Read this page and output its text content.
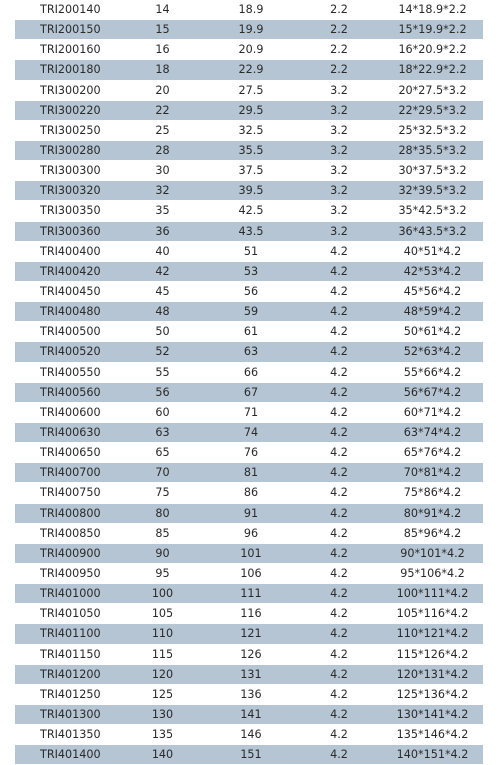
TRI200140	14	18.9	2.2	14*18.9*2.2
TRI200150	15	19.9	2.2	15*19.9*2.2
TRI200160	16	20.9	2.2	16*20.9*2.2
TRI200180	18	22.9	2.2	18*22.9*2.2
TRI300200	20	27.5	3.2	20*27.5*3.2
TRI300220	22	29.5	3.2	22*29.5*3.2
TRI300250	25	32.5	3.2	25*32.5*3.2
TRI300280	28	35.5	3.2	28*35.5*3.2
TRI300300	30	37.5	3.2	30*37.5*3.2
TRI300320	32	39.5	3.2	32*39.5*3.2
TRI300350	35	42.5	3.2	35*42.5*3.2
TRI300360	36	43.5	3.2	36*43.5*3.2
TRI400400	40	51	4.2	40*51*4.2
TRI400420	42	53	4.2	42*53*4.2
TRI400450	45	56	4.2	45*56*4.2
TRI400480	48	59	4.2	48*59*4.2
TRI400500	50	61	4.2	50*61*4.2
TRI400520	52	63	4.2	52*63*4.2
TRI400550	55	66	4.2	55*66*4.2
TRI400560	56	67	4.2	56*67*4.2
TRI400600	60	71	4.2	60*71*4.2
TRI400630	63	74	4.2	63*74*4.2
TRI400650	65	76	4.2	65*76*4.2
TRI400700	70	81	4.2	70*81*4.2
TRI400750	75	86	4.2	75*86*4.2
TRI400800	80	91	4.2	80*91*4.2
TRI400850	85	96	4.2	85*96*4.2
TRI400900	90	101	4.2	90*101*4.2
TRI400950	95	106	4.2	95*106*4.2
TRI401000	100	111	4.2	100*111*4.2
TRI401050	105	116	4.2	105*116*4.2
TRI401100	110	121	4.2	110*121*4.2
TRI401150	115	126	4.2	115*126*4.2
TRI401200	120	131	4.2	120*131*4.2
TRI401250	125	136	4.2	125*136*4.2
TRI401300	130	141	4.2	130*141*4.2
TRI401350	135	146	4.2	135*146*4.2
TRI401400	140	151	4.2	140*151*4.2
